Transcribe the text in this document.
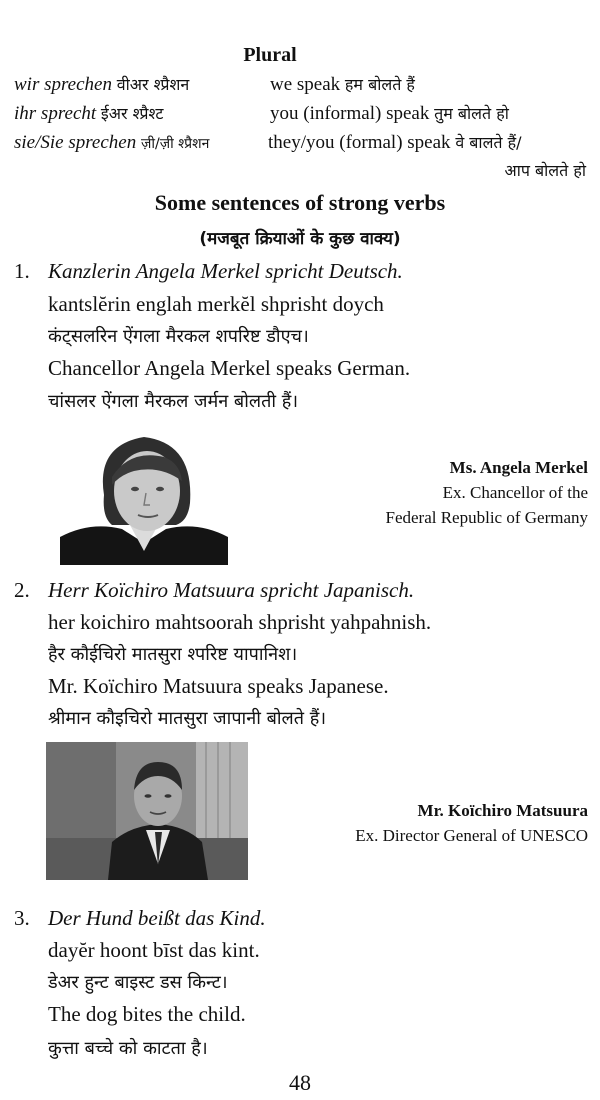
Plural
wir sprechen वीअर श्प्रैशन	we speak हम बोलते हैं
ihr sprecht ईअर श्प्रैश्ट	you (informal) speak तुम बोलते हो
sie/Sie sprechen ज़ी/ज़ी श्प्रैशन	they/you (formal) speak वे बालते हैं/
आप बोलते हो
Some sentences of strong verbs
(मजबूत क्रियाओं के कुछ वाक्य)
1. Kanzlerin Angela Merkel spricht Deutsch.
kantslĕrin englah merkĕl shprisht doych
कंट्सलरिन ऐंगला मैरकल शपरिष्ट डौएच।
Chancellor Angela Merkel speaks German.
चांसलर ऐंगला मैरकल जर्मन बोलती हैं।
Ms. Angela Merkel
Ex. Chancellor of the
Federal Republic of Germany
2. Herr Koïchiro Matsuura spricht Japanisch.
her koichiro mahtsoorah shprisht yahpahnish.
हैर कौईचिरो मातसुरा श्परिष्ट यापानिश।
Mr. Koïchiro Matsuura speaks Japanese.
श्रीमान कौइचिरो मातसुरा जापानी बोलते हैं।
Mr. Koïchiro Matsuura
Ex. Director General of UNESCO
3. Der Hund beißt das Kind.
dayĕr hoont bīst das kint.
डेअर हुन्ट बाइस्ट डस किन्ट।
The dog bites the child.
कुत्ता बच्चे को काटता है।
48
